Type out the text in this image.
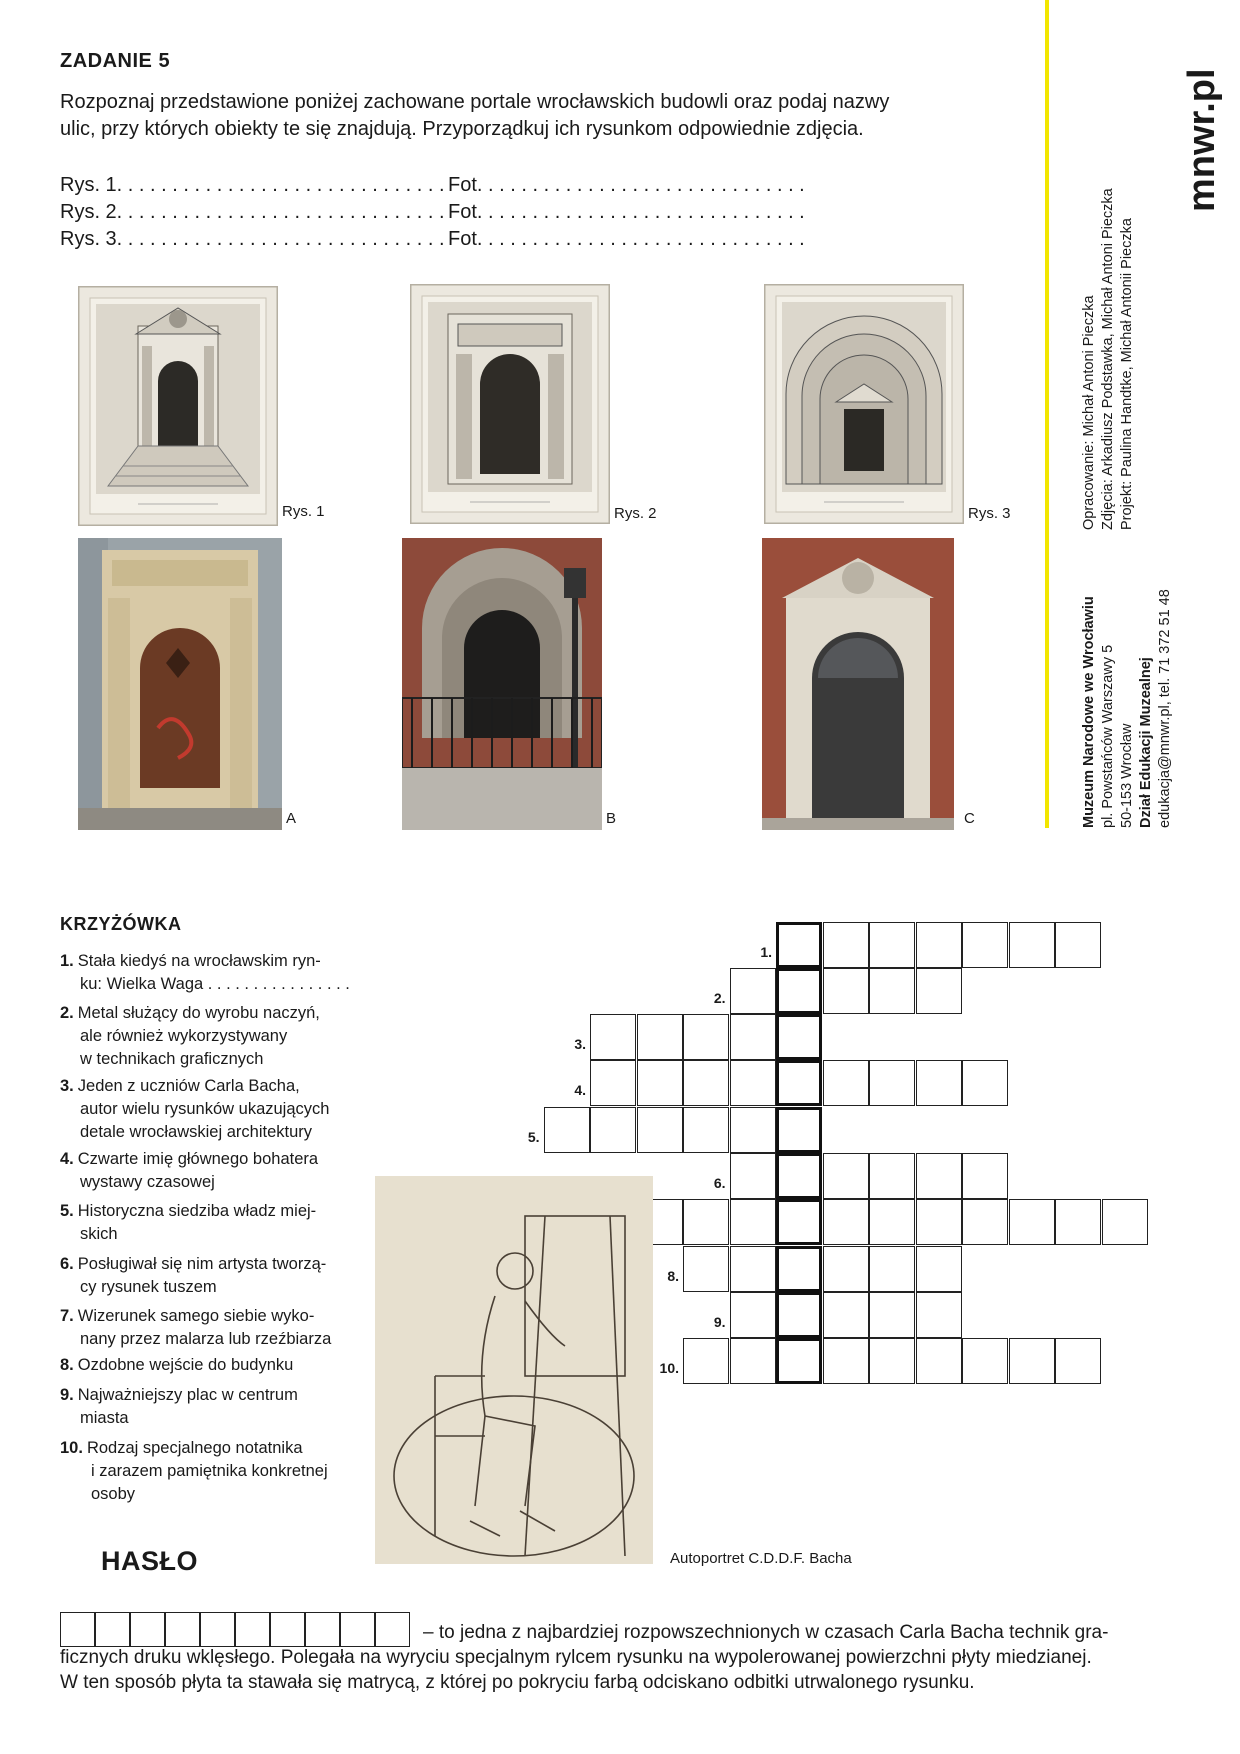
ZADANIE 5
Rozpoznaj przedstawione poniżej zachowane portale wrocławskich budowli oraz podaj nazwy
ulic, przy których obiekty te się znajdują. Przyporządkuj ich rysunkom odpowiednie zdjęcia.
Rys. 1. . . . . . . . . . . . . . . . . . . . . . . . . . . . . . Fot. . . . . . . . . . . . . . . . . . . . . . . . . . . . . .
Rys. 2. . . . . . . . . . . . . . . . . . . . . . . . . . . . . . Fot. . . . . . . . . . . . . . . . . . . . . . . . . . . . . .
Rys. 3. . . . . . . . . . . . . . . . . . . . . . . . . . . . . . Fot. . . . . . . . . . . . . . . . . . . . . . . . . . . . . .
Rys. 1	Rys. 2	Rys. 3
A	B	C
mnwr.pl
Opracowanie: Michał Antoni Pieczka Zdjęcia: Arkadiusz Podstawka, Michał Antoni Pieczka Projekt: Paulina Handtke, Michał Antonii Pieczka
Muzeum Narodowe we Wrocławiu pl. Powstańców Warszawy 5 50-153 Wrocław Dział Edukacji Muzealnej edukacja@mnwr.pl, tel. 71 372 51 48
KRZYŻÓWKA
1. Stała kiedyś na wrocławskim ryn-
ku: Wielka Waga . . . . . . . . . . . . . . . .
2. Metal służący do wyrobu naczyń,
ale również wykorzystywany
w technikach graficznych
3. Jeden z uczniów Carla Bacha,
autor wielu rysunków ukazujących
detale wrocławskiej architektury
4. Czwarte imię głównego bohatera
wystawy czasowej
5. Historyczna siedziba władz miej-
skich
6. Posługiwał się nim artysta tworzą-
cy rysunek tuszem
7. Wizerunek samego siebie wyko-
nany przez malarza lub rzeźbiarza
8. Ozdobne wejście do budynku
9. Najważniejszy plac w centrum
miasta
10. Rodzaj specjalnego notatnika
i zarazem pamiętnika konkretnej
osoby
1.
2.
3.
4.
5.
6.
8.
9.
10.
Autoportret C.D.D.F. Bacha
HASŁO
– to jedna z najbardziej rozpowszechnionych w czasach Carla Bacha technik gra-
ficznych druku wklęsłego. Polegała na wyryciu specjalnym rylcem rysunku na wypolerowanej powierzchni płyty miedzianej.
W ten sposób płyta ta stawała się matrycą, z której po pokryciu farbą odciskano odbitki utrwalonego rysunku.
